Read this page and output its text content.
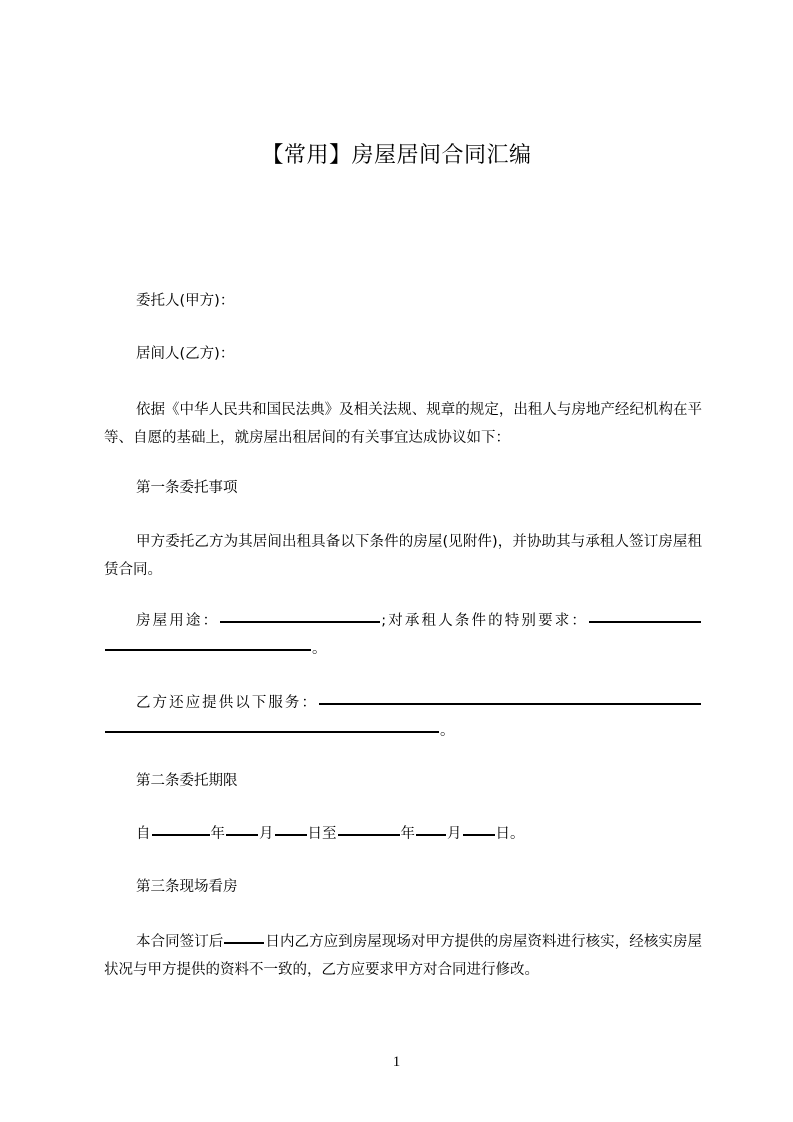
【常用】房屋居间合同汇编
委托人(甲方)：
居间人(乙方)：
依据《中华人民共和国民法典》及相关法规、规章的规定，出租人与房地产经纪机构在平等、自愿的基础上，就房屋出租居间的有关事宜达成协议如下：
第一条委托事项
甲方委托乙方为其居间出租具备以下条件的房屋(见附件)，并协助其与承租人签订房屋租赁合同。
房屋用途：	;对承租人条件的特别要求：。
乙方还应提供以下服务：。
第二条委托期限
自	年 月 日至	年 月 日。
第三条现场看房
本合同签订后	日内乙方应到房屋现场对甲方提供的房屋资料进行核实，经核实房屋状况与甲方提供的资料不一致的，乙方应要求甲方对合同进行修改。
1
